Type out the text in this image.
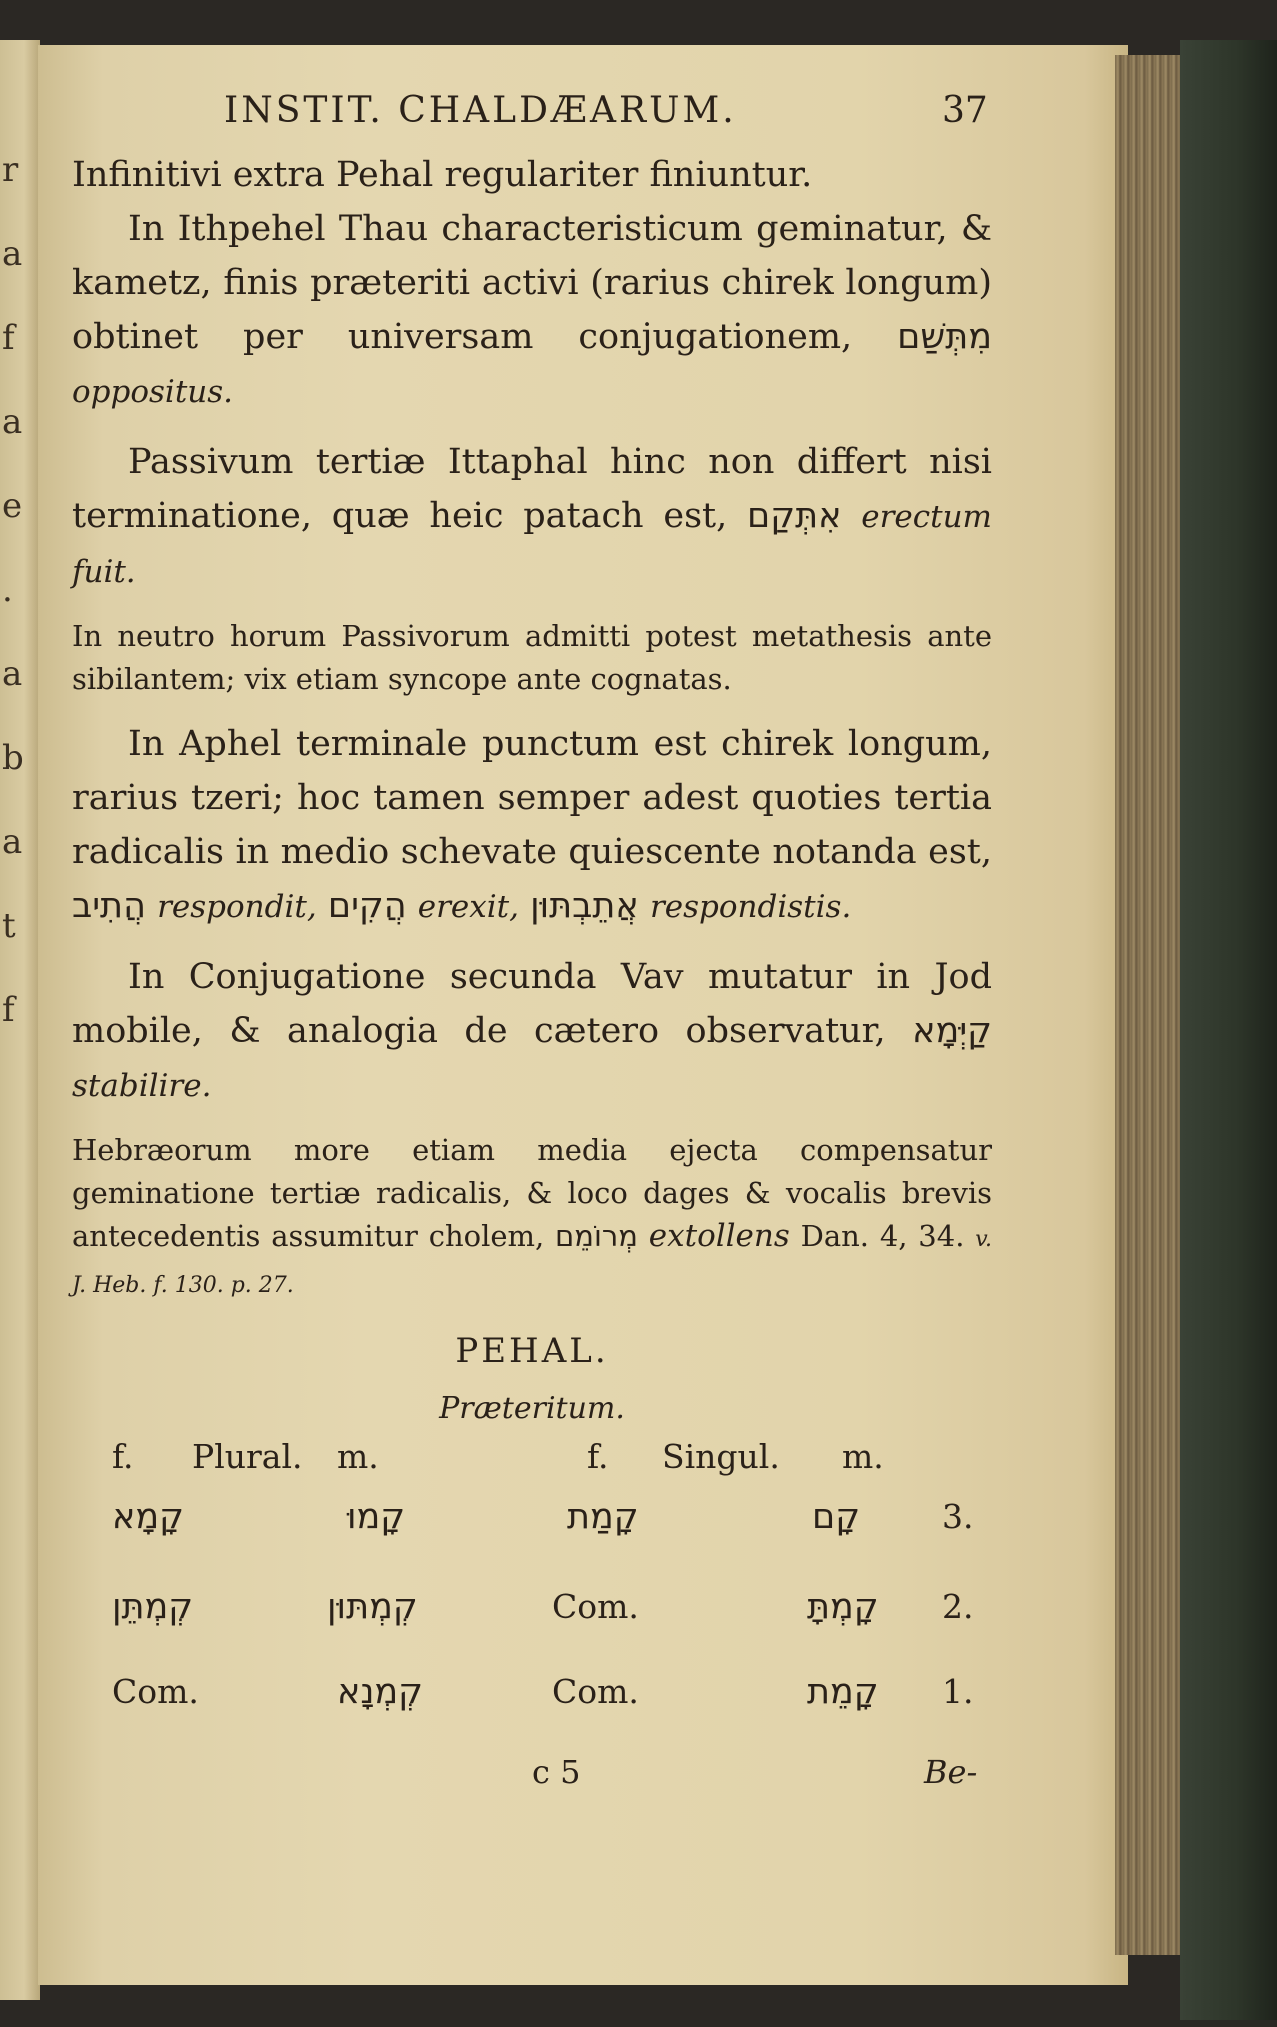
r
a
f
a
e
.
a
b
a
t
f
INSTIT. CHALDÆARUM.	37

Infinitivi extra Pehal regulariter finiuntur.

In Ithpehel Thau characteristicum geminatur, & kametz, finis præteriti activi (rarius chirek longum) obtinet per universam conjugationem, מִתְּשַׁם oppositus.

Passivum tertiæ Ittaphal hinc non differt nisi terminatione, quæ heic patach est, אִתְּקַם erectum fuit.

In neutro horum Passivorum admitti potest metathesis ante sibilantem; vix etiam syncope ante cognatas.

In Aphel terminale punctum est chirek longum, rarius tzeri; hoc tamen semper adest quoties tertia radicalis in medio schevate quiescente notanda est, הֲתִיב respondit, הֲקִים erexit, אֲתֵבְתּוּן respondistis.

In Conjugatione secunda Vav mutatur in Jod mobile, & analogia de cætero observatur, קַיְּמָא stabilire.

Hebræorum more etiam media ejecta compensatur geminatione tertiæ radicalis, & loco dages & vocalis brevis antecedentis assumitur cholem, מְרוֹמֵם extollens Dan. 4, 34. v. J. Heb. f. 130. p. 27.

PEHAL.
Præteritum.
f. Plural. m.	f. Singul. m.
קָמָא	קָמוּ	קָמַת	קָם 3.
קְמְתֵּן	קְמְתּוּן	Com.	קָמְתָּ 2.
Com.	קְמְנָא	Com.	קָמֵת 1.
c 5	Be-
